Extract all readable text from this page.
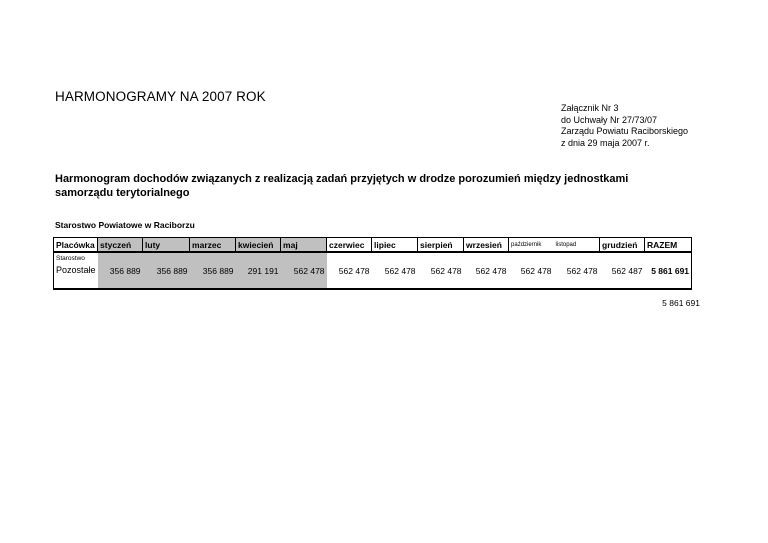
HARMONOGRAMY NA 2007 ROK
Załącznik Nr 3
do Uchwały Nr 27/73/07
Zarządu Powiatu Raciborskiego
z dnia 29 maja 2007 r.
Harmonogram dochodów związanych z realizacją zadań przyjętych w drodze porozumień między jednostkami samorządu terytorialnego
Starostwo Powiatowe w Raciborzu
Placówka	styczeń	luty	marzec	kwiecień	maj	czerwiec	lipiec	sierpień	wrzesień	październik	listopad	grudzień	RAZEM

Starostwo
Pozostałe	356 889	356 889	356 889	291 191	562 478	562 478	562 478	562 478	562 478	562 478	562 478	562 487	5 861 691
5 861 691
